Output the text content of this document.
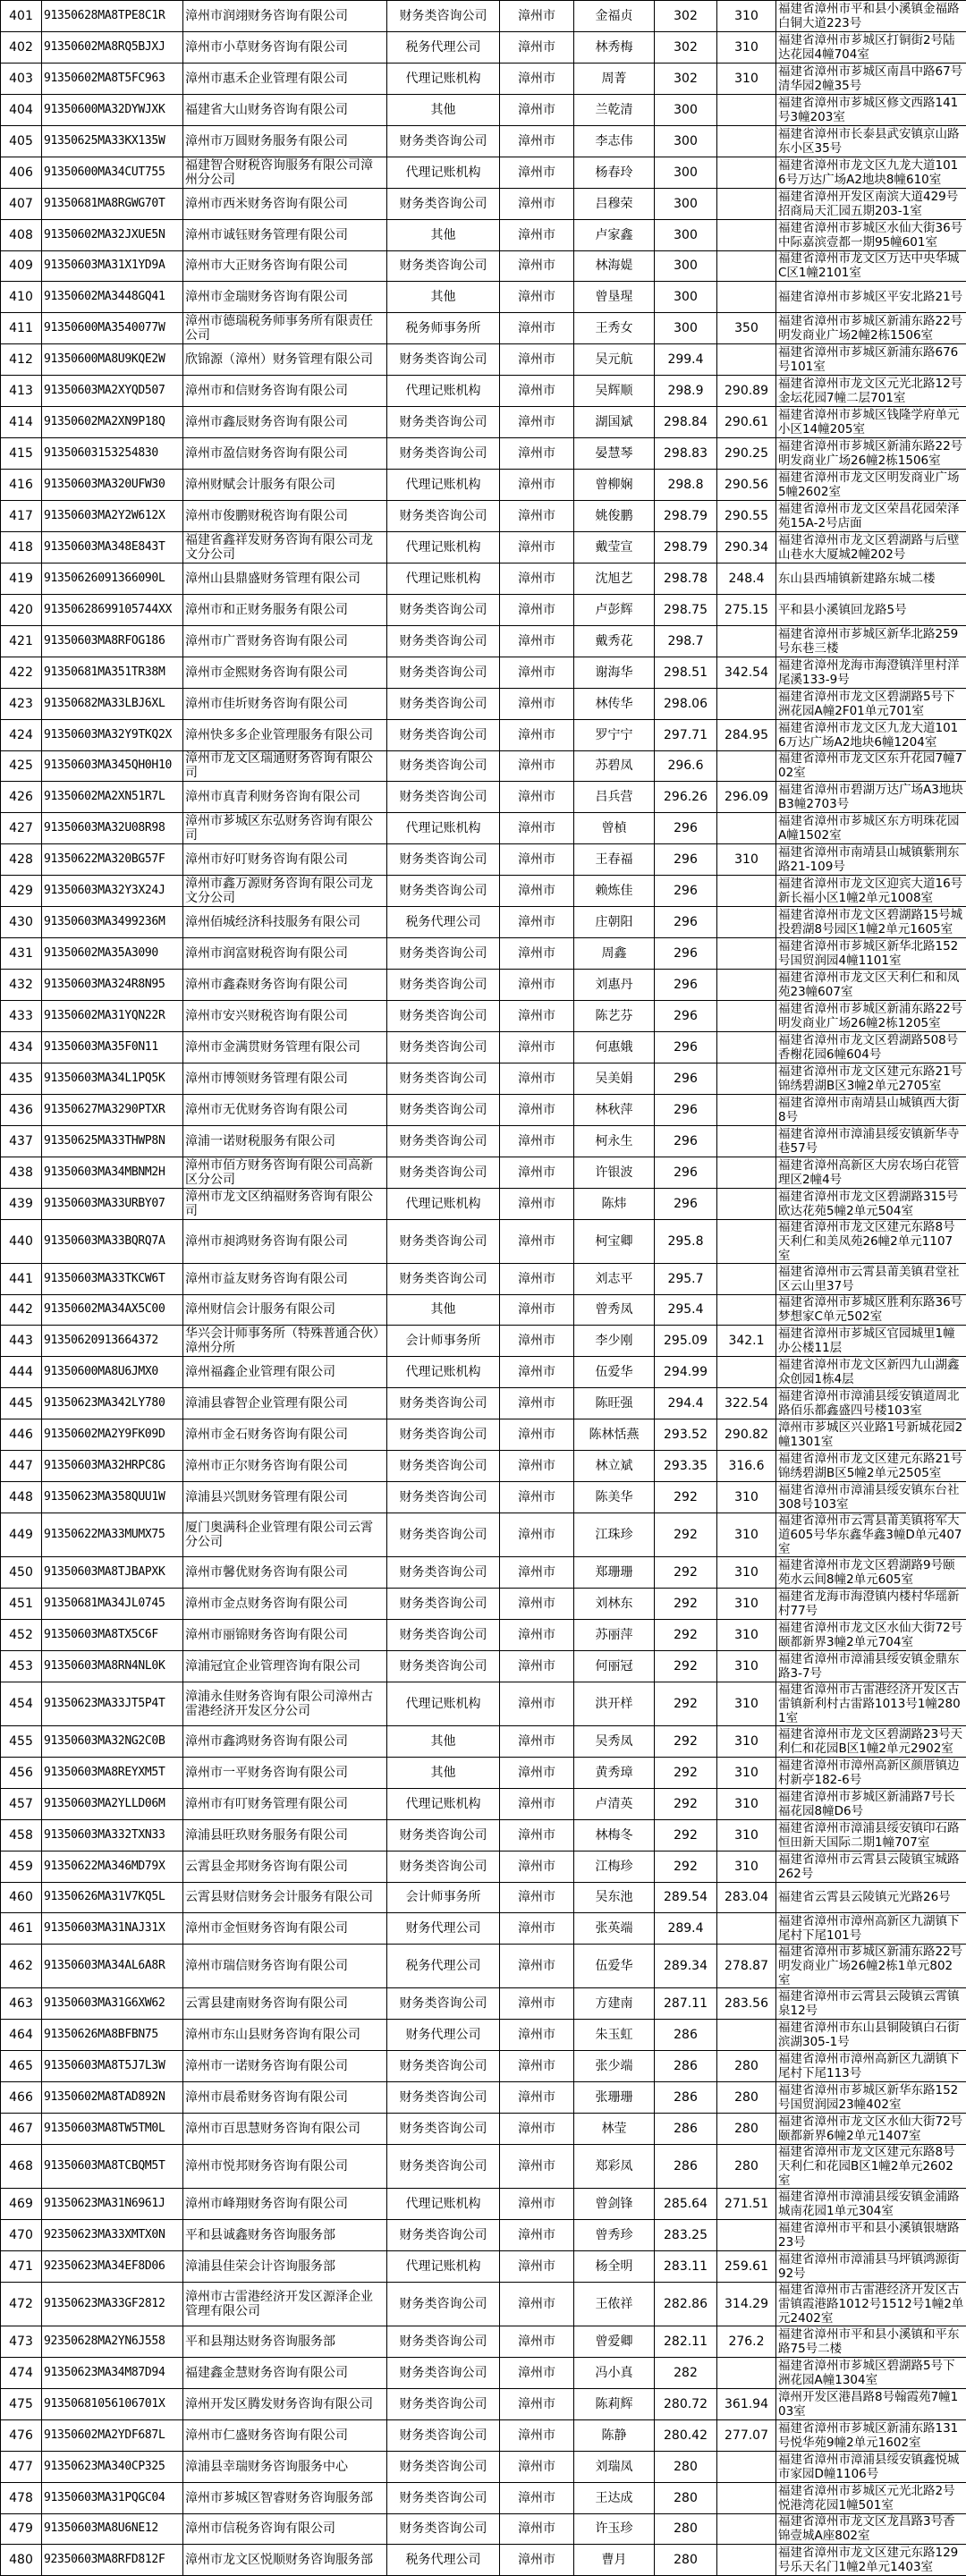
401	91350628MA8TPE8C1R	漳州市润翊财务咨询有限公司	财务类咨询公司	漳州市	金福贞	302	310	福建省漳州市平和县小溪镇金福路白铜大道223号
402	91350602MA8RQ5BJXJ	漳州市小草财务咨询有限公司	税务代理公司	漳州市	林秀梅	302	310	福建省漳州市芗城区打铜街2号陆达花园4幢704室
403	91350602MA8T5FC963	漳州市惠禾企业管理有限公司	代理记账机构	漳州市	周菁	302	310	福建省漳州市芗城区南昌中路67号清华园2幢35号
404	91350600MA32DYWJXK	福建省大山财务咨询有限公司	其他	漳州市	兰乾清	300		福建省漳州市芗城区修文西路141号3幢203室
405	91350625MA33KX135W	漳州市万圆财务服务有限公司	财务类咨询公司	漳州市	李志伟	300		福建省漳州市长泰县武安镇京山路东小区35号
406	91350600MA34CUT755	福建智合财税咨询服务有限公司漳州分公司	代理记账机构	漳州市	杨春玲	300		福建省漳州市龙文区九龙大道1016号万达广场A2地块8幢610室
407	91350681MA8RGWG70T	漳州市西米财务咨询有限公司	财务类咨询公司	漳州市	吕穆荣	300		福建省漳州开发区南滨大道429号招商局天汇园五期203-1室
408	91350602MA32JXUE5N	漳州市诚钰财务管理有限公司	其他	漳州市	卢家鑫	300		福建省漳州市芗城区水仙大街36号中际嘉滨壹都一期95幢601室
409	91350603MA31X1YD9A	漳州市大正财务咨询有限公司	财务类咨询公司	漳州市	林海媞	300		福建省漳州市龙文区万达中央华城C区1幢2101室
410	91350602MA3448GQ41	漳州市金瑞财务咨询有限公司	其他	漳州市	曾垦瑆	300		福建省漳州市芗城区平安北路21号
411	91350600MA3540077W	漳州市德瑞税务师事务所有限责任公司	税务师事务所	漳州市	王秀女	300	350	福建省漳州市芗城区新浦东路22号明发商业广场2幢2栋1506室
412	91350600MA8U9KQE2W	欣锦源（漳州）财务管理有限公司	财务类咨询公司	漳州市	吴元航	299.4		福建省漳州市芗城区新浦东路676号101室
413	91350603MA2XYQD507	漳州市和信财务咨询有限公司	代理记账机构	漳州市	吴辉顺	298.9	290.89	福建省漳州市龙文区元光北路12号金坛花园7幢二层701室
414	91350602MA2XN9P18Q	漳州市鑫辰财务咨询有限公司	财务类咨询公司	漳州市	湖国斌	298.84	290.61	福建省漳州市芗城区钱隆学府单元小区14幢205室
415	91350603153254830	漳州市盈信财务咨询有限公司	财务类咨询公司	漳州市	晏慧琴	298.83	290.25	福建省漳州市芗城区新浦东路22号明发商业广场26幢2栋1506室
416	91350603MA320UFW30	漳州财赋会计服务有限公司	代理记账机构	漳州市	曾柳娴	298.8	290.56	福建省漳州市龙文区明发商业广场5幢2602室
417	91350603MA2Y2W612X	漳州市俊鹏财税咨询有限公司	财务类咨询公司	漳州市	姚俊鹏	298.79	290.55	福建省漳州市龙文区荣昌花园荣泽苑15A-2号店面
418	91350603MA348E843T	福建省鑫祥发财务咨询有限公司龙文分公司	代理记账机构	漳州市	戴莹宣	298.79	290.34	福建省漳州市龙文区碧湖路与后壁山巷水大厦城2幢202号
419	91350626091366090L	漳州山县鼎盛财务管理有限公司	代理记账机构	漳州市	沈旭艺	298.78	248.4	东山县西埔镇新建路东城二楼
420	91350628699105744XX	漳州市和正财务服务有限公司	财务类咨询公司	漳州市	卢彭辉	298.75	275.15	平和县小溪镇回龙路5号
421	91350603MA8RFOG186	漳州市广晋财务咨询有限公司	财务类咨询公司	漳州市	戴秀花	298.7		福建省漳州市芗城区新华北路259号东巷三楼
422	91350681MA351TR38M	漳州市金熙财务咨询有限公司	财务类咨询公司	漳州市	谢海华	298.51	342.54	福建省漳州龙海市海澄镇洋里村洋尾溪133-9号
423	91350682MA33LBJ6XL	漳州市佳圻财务咨询有限公司	财务类咨询公司	漳州市	林传华	298.06		福建省漳州市龙文区碧湖路5号下洲花园A幢2F01单元701室
424	91350603MA32Y9TKQ2X	漳州快多多企业管理服务有限公司	财务类咨询公司	漳州市	罗宁宁	297.71	284.95	福建省漳州市龙文区九龙大道1016万达广场A2地块6幢1204室
425	91350603MA345QH0H10	漳州市龙文区瑞通财务咨询有限公司	财务类咨询公司	漳州市	苏碧凤	296.6		福建省漳州市龙文区东升花园7幢702室
426	91350602MA2XN51R7L	漳州市真青利财务咨询有限公司	财务类咨询公司	漳州市	吕兵营	296.26	296.09	福建省漳州市碧湖万达广场A3地块B3幢2703号
427	91350603MA32U08R98	漳州市芗城区东弘财务咨询有限公司	代理记账机构	漳州市	曾楨	296		福建省漳州市芗城区东方明珠花园A幢1502室
428	91350622MA320BG57F	漳州市好叮财务咨询有限公司	财务类咨询公司	漳州市	王春福	296	310	福建省漳州市南靖县山城镇紫荆东路21-109号
429	91350603MA32Y3X24J	漳州市鑫万源财务咨询有限公司龙文分公司	财务类咨询公司	漳州市	赖炼佳	296		福建省漳州市龙文区迎宾大道16号新长福小区1幢2单元1008室
430	91350603MA3499236M	漳州佰城经济科技服务有限公司	税务代理公司	漳州市	庄朝阳	296		福建省漳州市龙文区碧湖路15号城投碧湖8号园区1幢2单元1605室
431	91350602MA35A3090	漳州市润富财税咨询有限公司	财务类咨询公司	漳州市	周鑫	296		福建省漳州市芗城区新华北路152号国贸润园4幢1101室
432	91350603MA324R8N95	漳州市鑫森财务咨询有限公司	财务类咨询公司	漳州市	刘惠丹	296		福建省漳州市龙文区天利仁和和凤苑23幢607室
433	91350602MA31YQN22R	漳州市安兴财税咨询有限公司	财务类咨询公司	漳州市	陈艺芬	296		福建省漳州市芗城区新浦东路22号明发商业广场26幢2栋1205室
434	91350603MA35F0N11	漳州市金满贯财务管理有限公司	财务类咨询公司	漳州市	何惠娥	296		福建省漳州市龙文区碧湖路508号香榭花园6幢604号
435	91350603MA34L1PQ5K	漳州市博领财务管理有限公司	财务类咨询公司	漳州市	吴美娟	296		福建省漳州市龙文区建元东路21号锦绣碧湖B区3幢2单元2705室
436	91350627MA3290PTXR	漳州市无优财务咨询有限公司	财务类咨询公司	漳州市	林秋萍	296		福建省漳州市南靖县山城镇西大街8号
437	91350625MA33THWP8N	漳浦一诺财税服务有限公司	财务类咨询公司	漳州市	柯永生	296		福建省漳州市漳浦县绥安镇新华寺巷57号
438	91350603MA34MBNM2H	漳州市佰方财务咨询有限公司高新区分公司	财务类咨询公司	漳州市	许银波	296		福建省漳州高新区大房农场白花管理区2幢4号
439	91350603MA33URBY07	漳州市龙文区纳福财务咨询有限公司	代理记账机构	漳州市	陈炜	296		福建省漳州市龙文区碧湖路315号欧达花苑5幢2单元504室
440	91350603MA33BQRQ7A	漳州市昶鸿财务咨询有限公司	财务类咨询公司	漳州市	柯宝卿	295.8		福建省漳州市龙文区建元东路8号天利仁和美凤苑26幢2单元1107室
441	91350603MA33TKCW6T	漳州市益友财务咨询有限公司	财务类咨询公司	漳州市	刘志平	295.7		福建省漳州市云霄县莆美镇君堂社区云山里37号
442	91350602MA34AX5C00	漳州财信会计服务有限公司	其他	漳州市	曾秀凤	295.4		福建省漳州市芗城区胜利东路36号梦想家C单元502室
443	91350620913664372	华兴会计师事务所（特殊普通合伙）漳州分所	会计师事务所	漳州市	李少刚	295.09	342.1	福建省漳州市芗城区官园城里1幢办公楼11层
444	91350600MA8U6JMX0	漳州福鑫企业管理有限公司	代理记账机构	漳州市	伍爱华	294.99		福建省漳州市龙文区新四九山湖鑫众创园1栋4层
445	91350623MA342LY780	漳浦县睿智企业管理有限公司	财务类咨询公司	漳州市	陈旺强	294.4	322.54	福建省漳州市漳浦县绥安镇道周北路佰乐都鑫盛四号楼103室
446	91350602MA2Y9FK09D	漳州市金石财务咨询有限公司	财务类咨询公司	漳州市	陈林恬燕	293.52	290.82	漳州市芗城区兴业路1号新城花园2幢1301室
447	91350603MA32HRPC8G	漳州市正尔财务咨询有限公司	财务类咨询公司	漳州市	林立斌	293.35	316.6	福建省漳州市龙文区建元东路21号锦绣碧湖B区5幢2单元2505室
448	91350623MA358QUU1W	漳浦县兴凯财务管理有限公司	财务类咨询公司	漳州市	陈美华	292	310	福建省漳州市漳浦县绥安镇东台社308号103室
449	91350622MA33MUMX75	厦门奥满科企业管理有限公司云霄分公司	财务类咨询公司	漳州市	江珠珍	292	310	福建省漳州市云霄县莆美镇将军大道605号华东鑫华鑫3幢D单元407室
450	91350603MA8TJBAPXK	漳州市馨优财务咨询有限公司	财务类咨询公司	漳州市	郑珊珊	292	310	福建省漳州市龙文区碧湖路9号颐苑水云间8幢2单元605室
451	91350681MA34JL0745	漳州市金点财务咨询有限公司	财务类咨询公司	漳州市	刘林东	292	310	福建省龙海市海澄镇内楼村华瑶新村77号
452	91350603MA8TX5C6F	漳州市丽锦财务咨询有限公司	财务类咨询公司	漳州市	苏丽萍	292	310	福建省漳州市龙文区水仙大街72号颐都新界3幢2单元704室
453	91350603MA8RN4NL0K	漳浦冠宜企业管理咨询有限公司	财务类咨询公司	漳州市	何丽冠	292	310	福建省漳州市漳浦县绥安镇金鼎东路3-7号
454	91350623MA33JT5P4T	漳浦永佳财务咨询有限公司漳州古雷港经济开发区分公司	代理记账机构	漳州市	洪开样	292	310	福建省漳州市古雷港经济开发区古雷镇新利村古雷路1013号1幢2801室
455	91350603MA32NG2C0B	漳州市鑫鸿财务咨询有限公司	其他	漳州市	吴秀凤	292	310	福建省漳州市龙文区碧湖路23号天利仁和花园B区1幢2单元2902室
456	91350603MA8REYXM5T	漳州市一平财务咨询有限公司	其他	漳州市	黄秀璋	292	310	福建省漳州市漳州高新区颜厝镇边村新亭182-6号
457	91350603MA2YLLD06M	漳州市有叮财务管理有限公司	代理记账机构	漳州市	卢清英	292	310	福建省漳州市芗城区新浦路7号长福花园8幢D6号
458	91350603MA332TXN33	漳浦县旺玖财务服务有限公司	财务类咨询公司	漳州市	林梅冬	292	310	福建省漳州市漳浦县绥安镇印石路恒田新天国际二期1幢707室
459	91350622MA346MD79X	云霄县金邦财务咨询有限公司	财务类咨询公司	漳州市	江梅珍	292	310	福建省漳州市云霄县云陵镇宝城路262号
460	91350626MA31V7KQ5L	云霄县财信财务会计服务有限公司	会计师事务所	漳州市	吴东池	289.54	283.04	福建省云霄县云陵镇元光路26号
461	91350603MA31NAJ31X	漳州市金恒财务咨询有限公司	财务代理公司	漳州市	张英端	289.4		福建省漳州市漳州高新区九湖镇下尾村下尾101号
462	91350603MA34AL6A8R	漳州市瑞信财务咨询有限公司	税务代理公司	漳州市	伍爱华	289.34	278.87	福建省漳州市芗城区新浦东路22号明发商业广场26幢2栋1单元802室
463	91350603MA31G6XW62	云霄县建南财务咨询有限公司	财务类咨询公司	漳州市	方建南	287.11	283.56	福建省漳州市云霄县云陵镇云霄镇泉12号
464	91350626MA8BFBN75	漳州市东山县财务咨询有限公司	财务代理公司	漳州市	朱玉虹	286		福建省漳州市东山县铜陵镇白石街滨湖305-1号
465	91350603MA8T5J7L3W	漳州市一诺财务咨询有限公司	财务类咨询公司	漳州市	张少端	286	280	福建省漳州市漳州高新区九湖镇下尾村下尾113号
466	91350602MA8TAD892N	漳州市晨希财务咨询有限公司	财务类咨询公司	漳州市	张珊珊	286	280	福建省漳州市芗城区新华东路152号国贸润园23幢402室
467	91350603MA8TW5TM0L	漳州市百思慧财务咨询有限公司	财务类咨询公司	漳州市	林莹	286	280	福建省漳州市龙文区水仙大街72号颐都新界6幢2单元1407室
468	91350603MA8TCBQM5T	漳州市悦邦财务咨询有限公司	财务类咨询公司	漳州市	郑彩凤	286	280	福建省漳州市龙文区建元东路8号天利仁和花园B区1幢2单元2602室
469	91350623MA31N6961J	漳州市峰翔财务咨询有限公司	代理记账机构	漳州市	曾剑锋	285.64	271.51	福建省漳州市漳浦县绥安镇金浦路城南花园1单元304室
470	92350623MA33XMTX0N	平和县诚鑫财务咨询服务部	财务类咨询公司	漳州市	曾秀珍	283.25		福建省漳州市平和县小溪镇银塘路23号
471	92350623MA34EF8D06	漳浦县佳荣会计咨询服务部	代理记账机构	漳州市	杨全明	283.11	259.61	福建省漳州市漳浦县马坪镇鸿源街92号
472	91350623MA33GF2812	漳州市古雷港经济开发区源泽企业管理有限公司	财务类咨询公司	漳州市	王侬祥	282.86	314.29	福建省漳州市古雷港经济开发区古雷镇霞港路1012号1512号1幢2单元2402室
473	92350628MA2YN6J558	平和县翔达财务咨询服务部	财务类咨询公司	漳州市	曾爱卿	282.11	276.2	福建省漳州市平和县小溪镇和平东路75号二楼
474	91350623MA34M87D94	福建鑫金慧财务咨询有限公司	财务类咨询公司	漳州市	冯小真	282		福建省漳州市芗城区碧湖路5号下洲花园A幢1304室
475	91350681056106701X	漳州开发区腾发财务咨询有限公司	财务类咨询公司	漳州市	陈莉辉	280.72	361.94	漳州开发区港昌路8号翰霞苑7幢103室
476	91350602MA2YDF687L	漳州市仁盛财务咨询有限公司	财务类咨询公司	漳州市	陈静	280.42	277.07	福建省漳州市芗城区新浦东路131号悦华苑9幢2单元1602室
477	91350623MA340CP325	漳浦县幸瑞财务咨询服务中心	财务类咨询公司	漳州市	刘瑞凤	280		福建省漳州市漳浦县绥安镇鑫悦城市家园D幢1106号
478	91350603MA31PQGC04	漳州市芗城区智睿财务咨询服务部	财务类咨询公司	漳州市	王达成	280		福建省漳州市芗城区元光北路2号悦港湾花园1幢501室
479	91350603MA8U6NE12	漳州市信税务咨询有限公司	财务类咨询公司	漳州市	许玉珍	280		福建省漳州市龙文区龙昌路3号香锦壹城A座802室
480	92350603MA8RFD812F	漳州市龙文区悦顺财务咨询服务部	税务代理公司	漳州市	曹月	280		福建省漳州市龙文区建元东路129号乐天名门1幢2单元1403室
